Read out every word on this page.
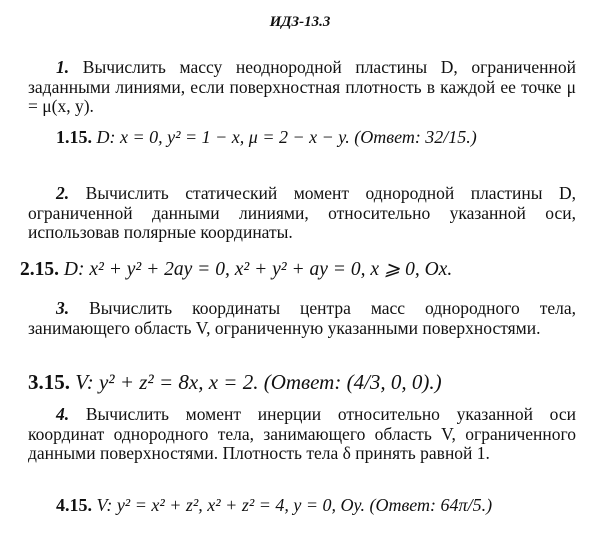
ИДЗ-13.3
1. Вычислить массу неоднородной пластины D, ограниченной заданными линиями, если поверхностная плотность в каждой ее точке μ = μ(x, y).
1.15. D: x = 0, y² = 1 − x, μ = 2 − x − y. (Ответ: 32/15.)
2. Вычислить статический момент однородной пластины D, ограниченной данными линиями, относительно указанной оси, использовав полярные координаты.
2.15. D: x² + y² + 2ay = 0, x² + y² + ay = 0, x ⩾ 0, Ox.
3. Вычислить координаты центра масс однородного тела, занимающего область V, ограниченную указанными поверхностями.
3.15. V: y² + z² = 8x, x = 2. (Ответ: (4/3, 0, 0).)
4. Вычислить момент инерции относительно указанной оси координат однородного тела, занимающего область V, ограниченного данными поверхностями. Плотность тела δ принять равной 1.
4.15. V: y² = x² + z², x² + z² = 4, y = 0, Oy. (Ответ: 64π/5.)
